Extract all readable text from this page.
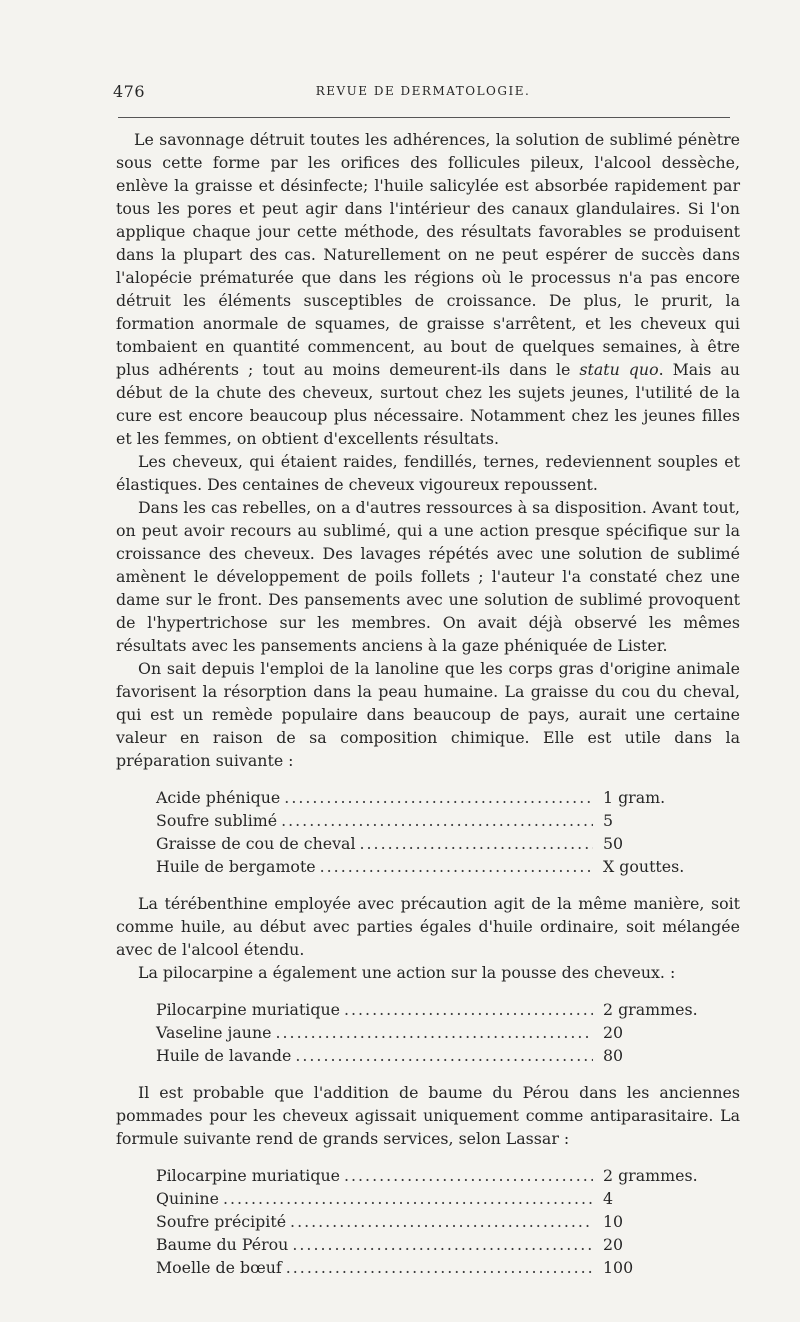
476	REVUE DE DERMATOLOGIE.

Le savonnage détruit toutes les adhérences, la solution de sublimé pénètre sous cette forme par les orifices des follicules pileux, l'alcool dessèche, enlève la graisse et désinfecte; l'huile salicylée est absorbée rapidement par tous les pores et peut agir dans l'intérieur des canaux glandulaires. Si l'on applique chaque jour cette méthode, des résultats favorables se produisent dans la plupart des cas. Naturellement on ne peut espérer de succès dans l'alopécie prématurée que dans les régions où le processus n'a pas encore détruit les éléments susceptibles de croissance. De plus, le prurit, la formation anormale de squames, de graisse s'arrêtent, et les cheveux qui tombaient en quantité commencent, au bout de quelques semaines, à être plus adhérents ; tout au moins demeurent-ils dans le statu quo. Mais au début de la chute des cheveux, surtout chez les sujets jeunes, l'utilité de la cure est encore beaucoup plus nécessaire. Notamment chez les jeunes filles et les femmes, on obtient d'excellents résultats.

Les cheveux, qui étaient raides, fendillés, ternes, redeviennent souples et élastiques. Des centaines de cheveux vigoureux repoussent.

Dans les cas rebelles, on a d'autres ressources à sa disposition. Avant tout, on peut avoir recours au sublimé, qui a une action presque spécifique sur la croissance des cheveux. Des lavages répétés avec une solution de sublimé amènent le développement de poils follets ; l'auteur l'a constaté chez une dame sur le front. Des pansements avec une solution de sublimé provoquent de l'hypertrichose sur les membres. On avait déjà observé les mêmes résultats avec les pansements anciens à la gaze phéniquée de Lister.

On sait depuis l'emploi de la lanoline que les corps gras d'origine animale favorisent la résorption dans la peau humaine. La graisse du cou du cheval, qui est un remède populaire dans beaucoup de pays, aurait une certaine valeur en raison de sa composition chimique. Elle est utile dans la préparation suivante :

Acide phénique .....	1 gram.
Soufre sublimé .....	5
Graisse de cou de cheval .....	50
Huile de bergamote .....	X gouttes.

La térébenthine employée avec précaution agit de la même manière, soit comme huile, au début avec parties égales d'huile ordinaire, soit mélangée avec de l'alcool étendu.

La pilocarpine a également une action sur la pousse des cheveux. :

Pilocarpine muriatique .....	2 grammes.
Vaseline jaune .....	20
Huile de lavande .....	80

Il est probable que l'addition de baume du Pérou dans les anciennes pommades pour les cheveux agissait uniquement comme antiparasitaire. La formule suivante rend de grands services, selon Lassar :

Pilocarpine muriatique .....	2 grammes.
Quinine .....	4
Soufre précipité .....	10
Baume du Pérou .....	20
Moelle de bœuf .....	100
